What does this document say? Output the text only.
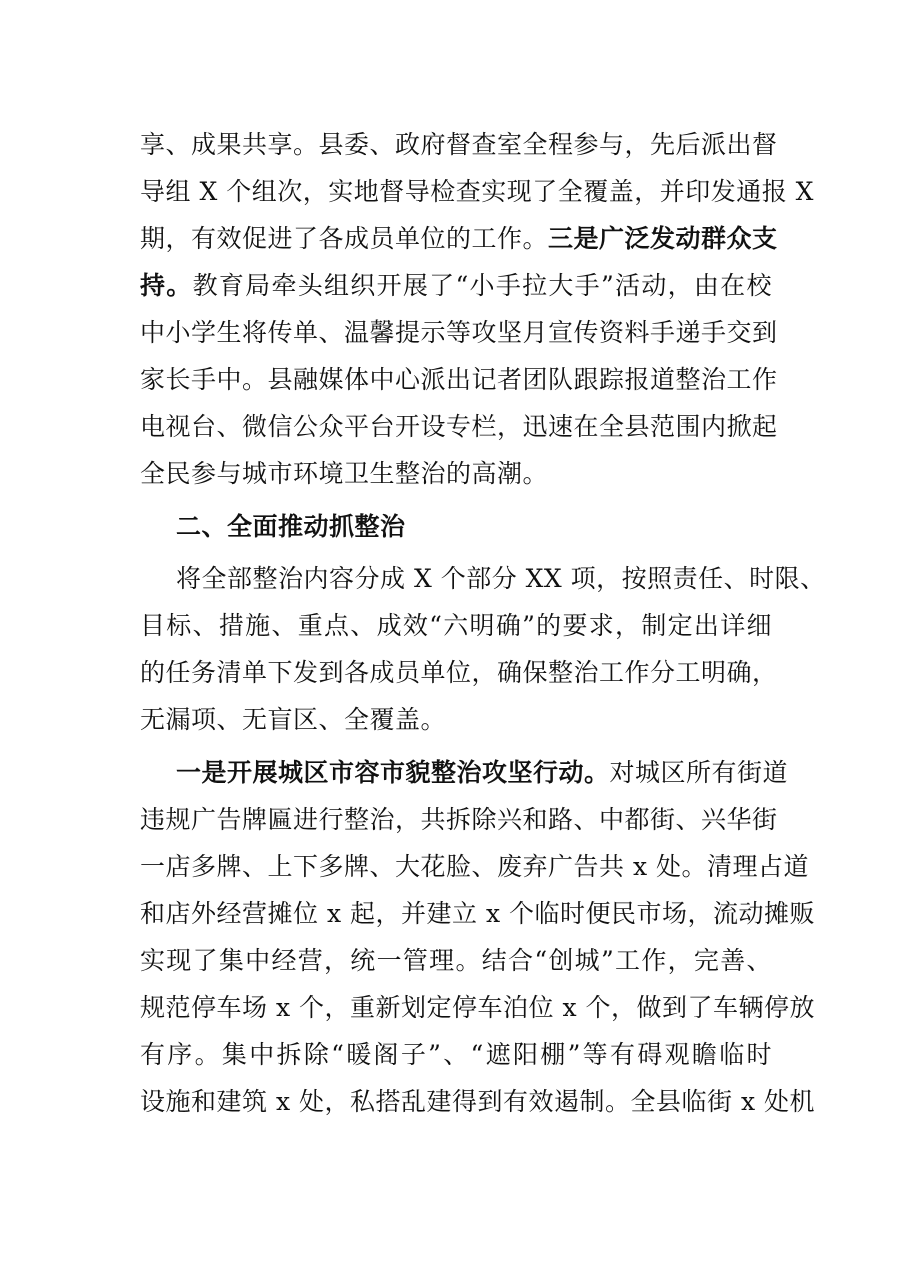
享、成果共享。县委、政府督查室全程参与，先后派出督
导组 X 个组次，实地督导检查实现了全覆盖，并印发通报 X
期，有效促进了各成员单位的工作。三是广泛发动群众支
持。教育局牵头组织开展了“小手拉大手”活动，由在校
中小学生将传单、温馨提示等攻坚月宣传资料手递手交到
家长手中。县融媒体中心派出记者团队跟踪报道整治工作
电视台、微信公众平台开设专栏，迅速在全县范围内掀起
全民参与城市环境卫生整治的高潮。
二、全面推动抓整治
将全部整治内容分成 X 个部分 XX 项，按照责任、时限、
目标、措施、重点、成效“六明确”的要求，制定出详细
的任务清单下发到各成员单位，确保整治工作分工明确，
无漏项、无盲区、全覆盖。
一是开展城区市容市貌整治攻坚行动。对城区所有街道
违规广告牌匾进行整治，共拆除兴和路、中都街、兴华街
一店多牌、上下多牌、大花脸、废弃广告共 x 处。清理占道
和店外经营摊位 x 起，并建立 x 个临时便民市场，流动摊贩
实现了集中经营，统一管理。结合“创城”工作，完善、
规范停车场 x 个，重新划定停车泊位 x 个，做到了车辆停放
有序。集中拆除“暖阁子”、“遮阳棚”等有碍观瞻临时
设施和建筑 x 处，私搭乱建得到有效遏制。全县临街 x 处机
